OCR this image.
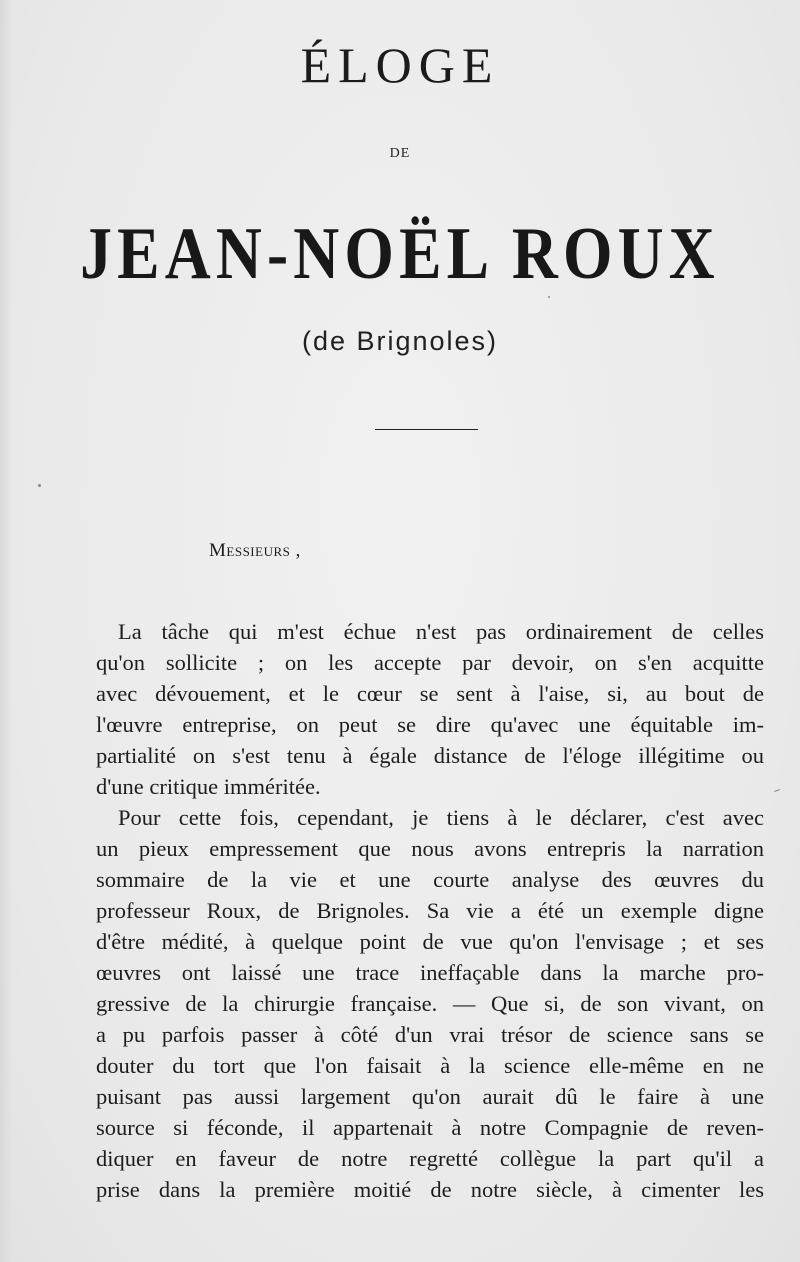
ÉLOGE
DE
JEAN-NOËL ROUX
(de Brignoles)
Messieurs ,
La tâche qui m'est échue n'est pas ordinairement de celles
qu'on sollicite ; on les accepte par devoir, on s'en acquitte
avec dévouement, et le cœur se sent à l'aise, si, au bout de
l'œuvre entreprise, on peut se dire qu'avec une équitable im-
partialité on s'est tenu à égale distance de l'éloge illégitime ou
d'une critique imméritée.
Pour cette fois, cependant, je tiens à le déclarer, c'est avec
un pieux empressement que nous avons entrepris la narration
sommaire de la vie et une courte analyse des œuvres du
professeur Roux, de Brignoles. Sa vie a été un exemple digne
d'être médité, à quelque point de vue qu'on l'envisage ; et ses
œuvres ont laissé une trace ineffaçable dans la marche pro-
gressive de la chirurgie française. — Que si, de son vivant, on
a pu parfois passer à côté d'un vrai trésor de science sans se
douter du tort que l'on faisait à la science elle-même en ne
puisant pas aussi largement qu'on aurait dû le faire à une
source si féconde, il appartenait à notre Compagnie de reven-
diquer en faveur de notre regretté collègue la part qu'il a
prise dans la première moitié de notre siècle, à cimenter les
